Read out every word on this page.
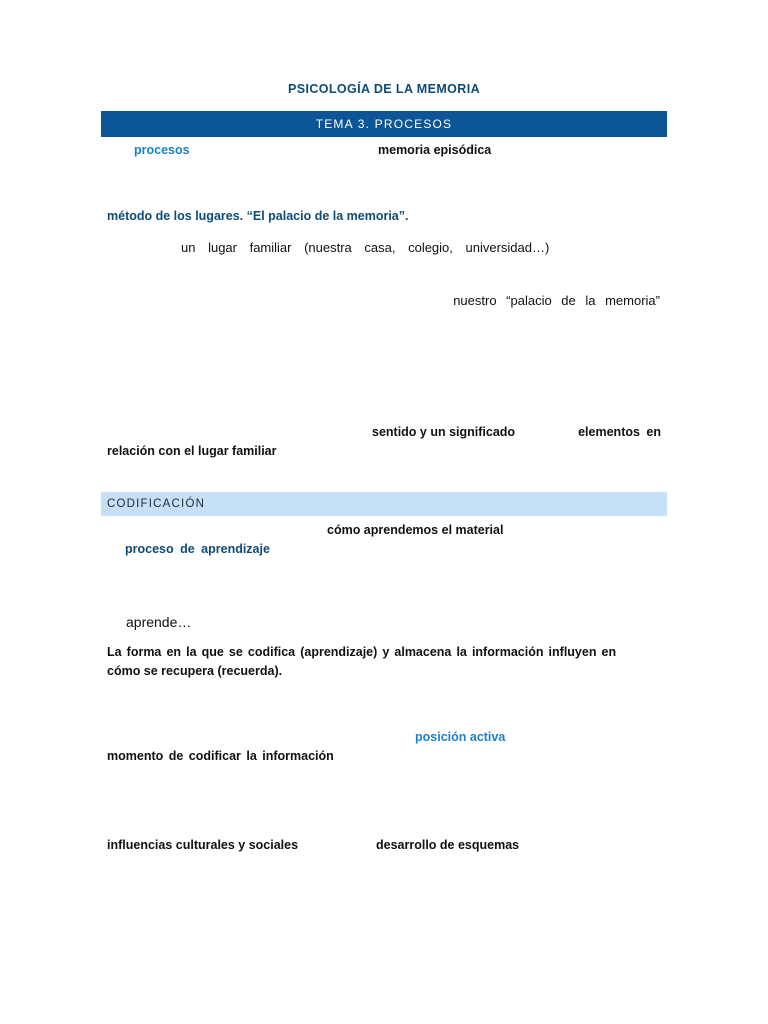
PSICOLOGÍA DE LA MEMORIA
TEMA 3. PROCESOS
procesos	memoria episódica
método de los lugares. “El palacio de la memoria”.
un lugar familiar (nuestra casa, colegio, universidad…)
nuestro “palacio de la memoria”
sentido y un significado	elementos en
relación con el lugar familiar
CODIFICACIÓN
cómo aprendemos el material
proceso de aprendizaje
aprende…
La forma en la que se codifica (aprendizaje) y almacena la información influyen en
cómo se recupera (recuerda).
posición activa
momento de codificar la información
influencias culturales y sociales	desarrollo de esquemas
